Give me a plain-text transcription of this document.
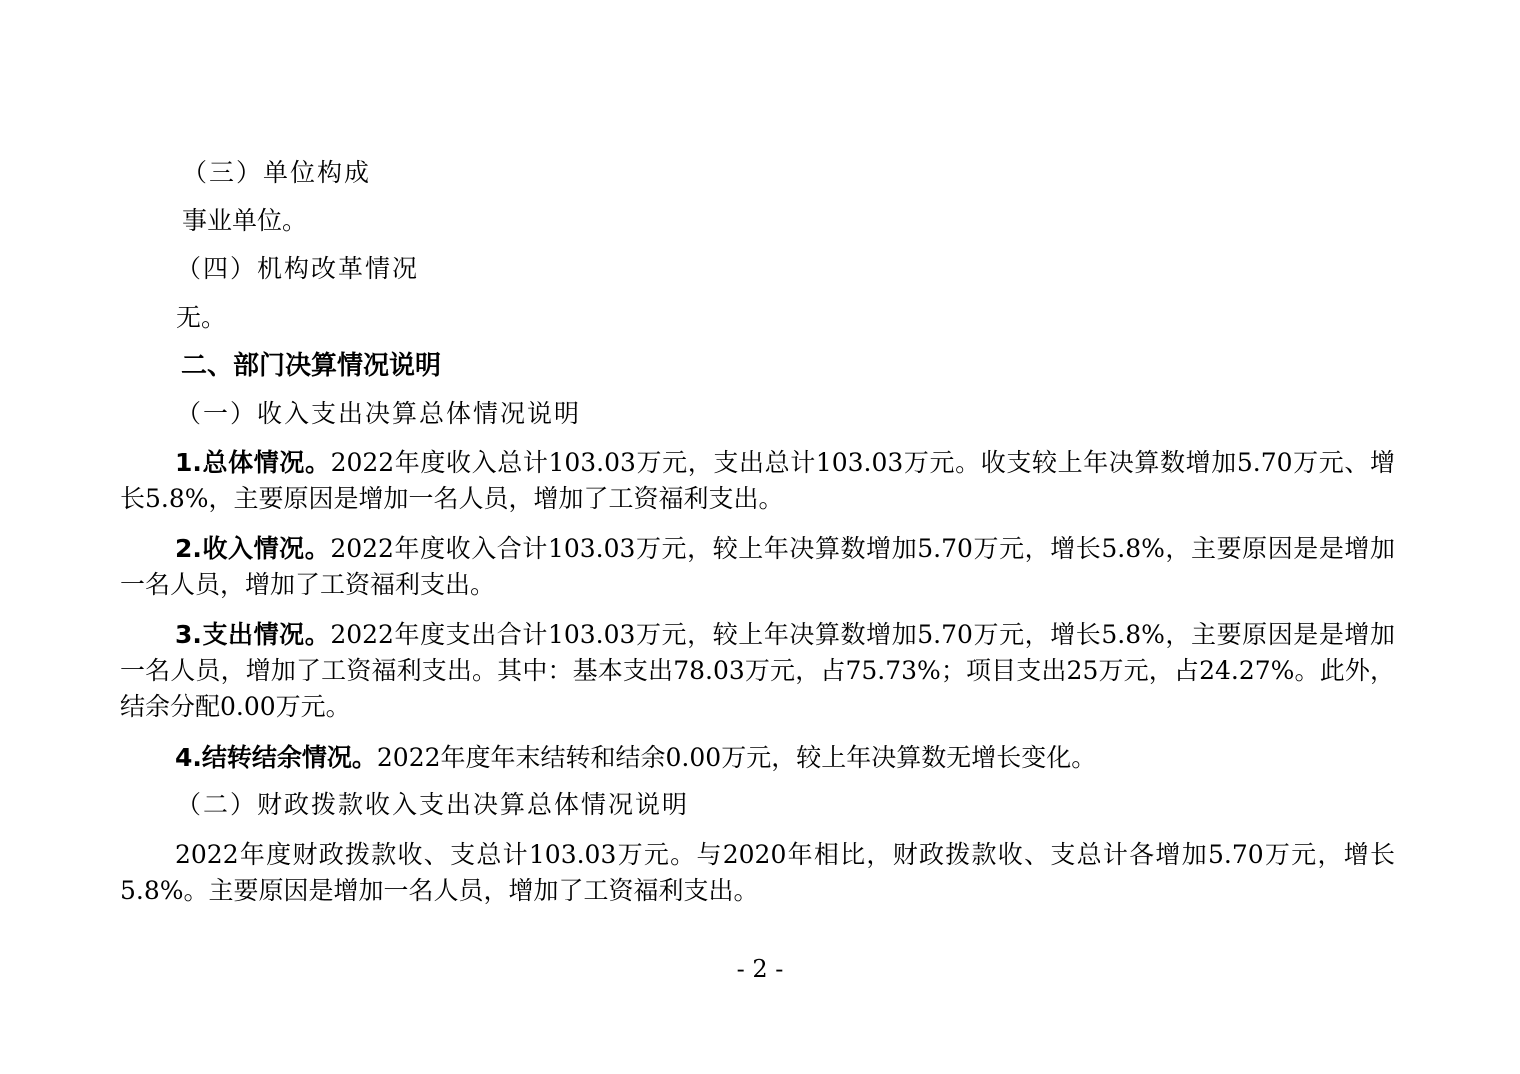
（三）单位构成
事业单位。
（四）机构改革情况
无。
二、部门决算情况说明
（一）收入支出决算总体情况说明
1.总体情况。2022年度收入总计103.03万元，支出总计103.03万元。收支较上年决算数增加5.70万元、增长5.8%，主要原因是增加一名人员，增加了工资福利支出。
2.收入情况。2022年度收入合计103.03万元，较上年决算数增加5.70万元，增长5.8%，主要原因是是增加一名人员，增加了工资福利支出。
3.支出情况。2022年度支出合计103.03万元，较上年决算数增加5.70万元，增长5.8%，主要原因是是增加一名人员，增加了工资福利支出。其中：基本支出78.03万元，占75.73%；项目支出25万元，占24.27%。此外，结余分配0.00万元。
4.结转结余情况。2022年度年末结转和结余0.00万元，较上年决算数无增长变化。
（二）财政拨款收入支出决算总体情况说明
2022年度财政拨款收、支总计103.03万元。与2020年相比，财政拨款收、支总计各增加5.70万元，增长5.8%。主要原因是增加一名人员，增加了工资福利支出。
- 2 -
